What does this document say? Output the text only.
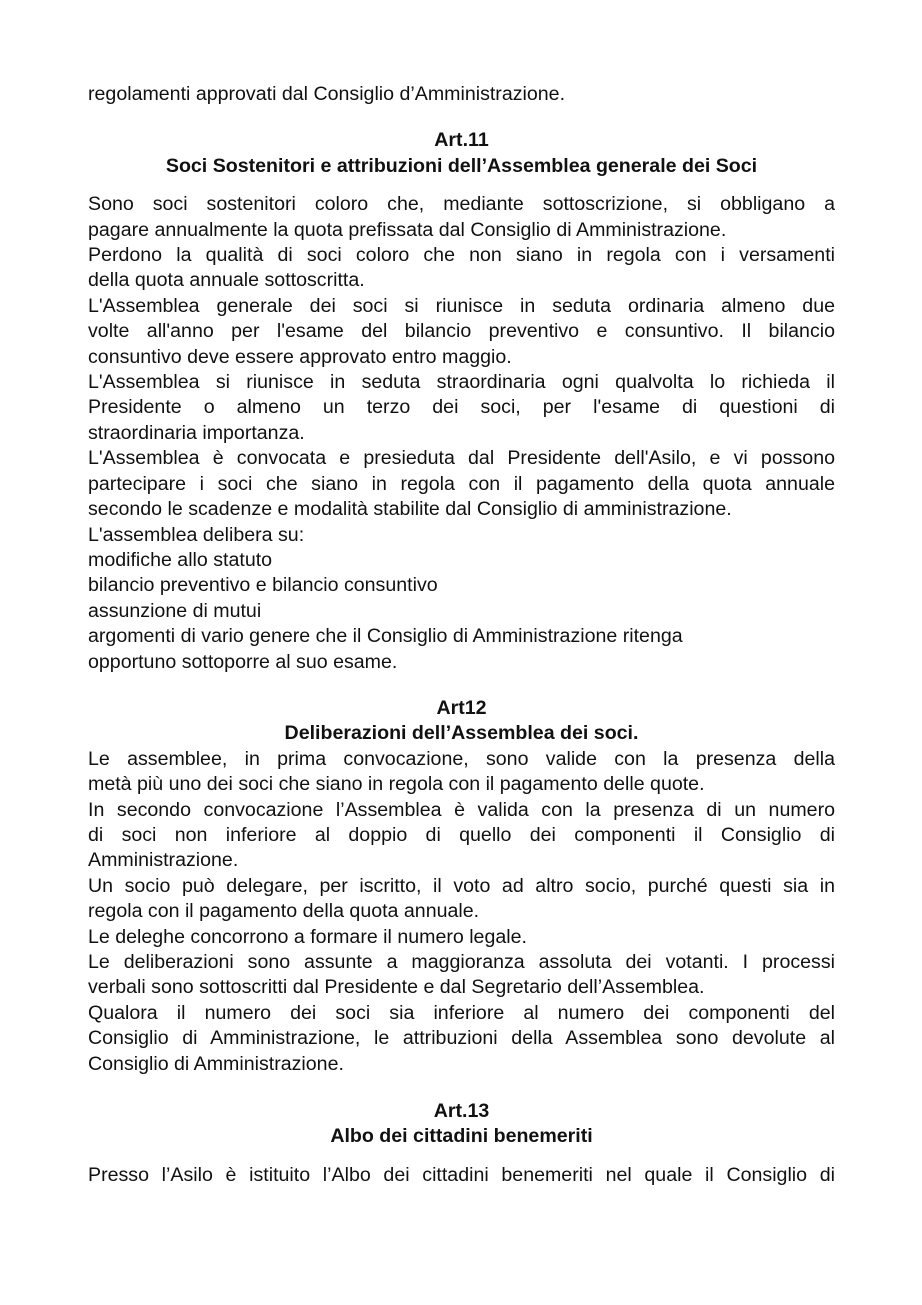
regolamenti approvati dal Consiglio d’Amministrazione.
Art.11
Soci Sostenitori e attribuzioni dell’Assemblea generale dei Soci
Sono soci sostenitori coloro che, mediante sottoscrizione, si obbligano a
pagare annualmente la quota prefissata dal Consiglio di Amministrazione.
Perdono la qualità di soci coloro che non siano in regola con i versamenti
della quota annuale sottoscritta.
L'Assemblea generale dei soci si riunisce in seduta ordinaria almeno due
volte all'anno per l'esame del bilancio preventivo e consuntivo. Il bilancio
consuntivo deve essere approvato entro maggio.
L'Assemblea si riunisce in seduta straordinaria ogni qualvolta lo richieda il
Presidente o almeno un terzo dei soci, per l'esame di questioni di
straordinaria importanza.
L'Assemblea è convocata e presieduta dal Presidente dell'Asilo, e vi possono
partecipare i soci che siano in regola con il pagamento della quota annuale
secondo le scadenze e modalità stabilite dal Consiglio di amministrazione.
L'assemblea delibera su:
modifiche allo statuto
bilancio preventivo e bilancio consuntivo
assunzione di mutui
argomenti di vario genere che il Consiglio di Amministrazione ritenga
opportuno sottoporre al suo esame.
Art12
Deliberazioni dell’Assemblea dei soci.
Le assemblee, in prima convocazione, sono valide con la presenza della
metà più uno dei soci che siano in regola con il pagamento delle quote.
In secondo convocazione l’Assemblea è valida con la presenza di un numero
di soci non inferiore al doppio di quello dei componenti il Consiglio di
Amministrazione.
Un socio può delegare, per iscritto, il voto ad altro socio, purché questi sia in
regola con il pagamento della quota annuale.
Le deleghe concorrono a formare il numero legale.
Le deliberazioni sono assunte a maggioranza assoluta dei votanti. I processi
verbali sono sottoscritti dal Presidente e dal Segretario dell’Assemblea.
Qualora il numero dei soci sia inferiore al numero dei componenti del
Consiglio di Amministrazione, le attribuzioni della Assemblea sono devolute al
Consiglio di Amministrazione.
Art.13
Albo dei cittadini benemeriti
Presso l’Asilo è istituito l’Albo dei cittadini benemeriti nel quale il Consiglio di
